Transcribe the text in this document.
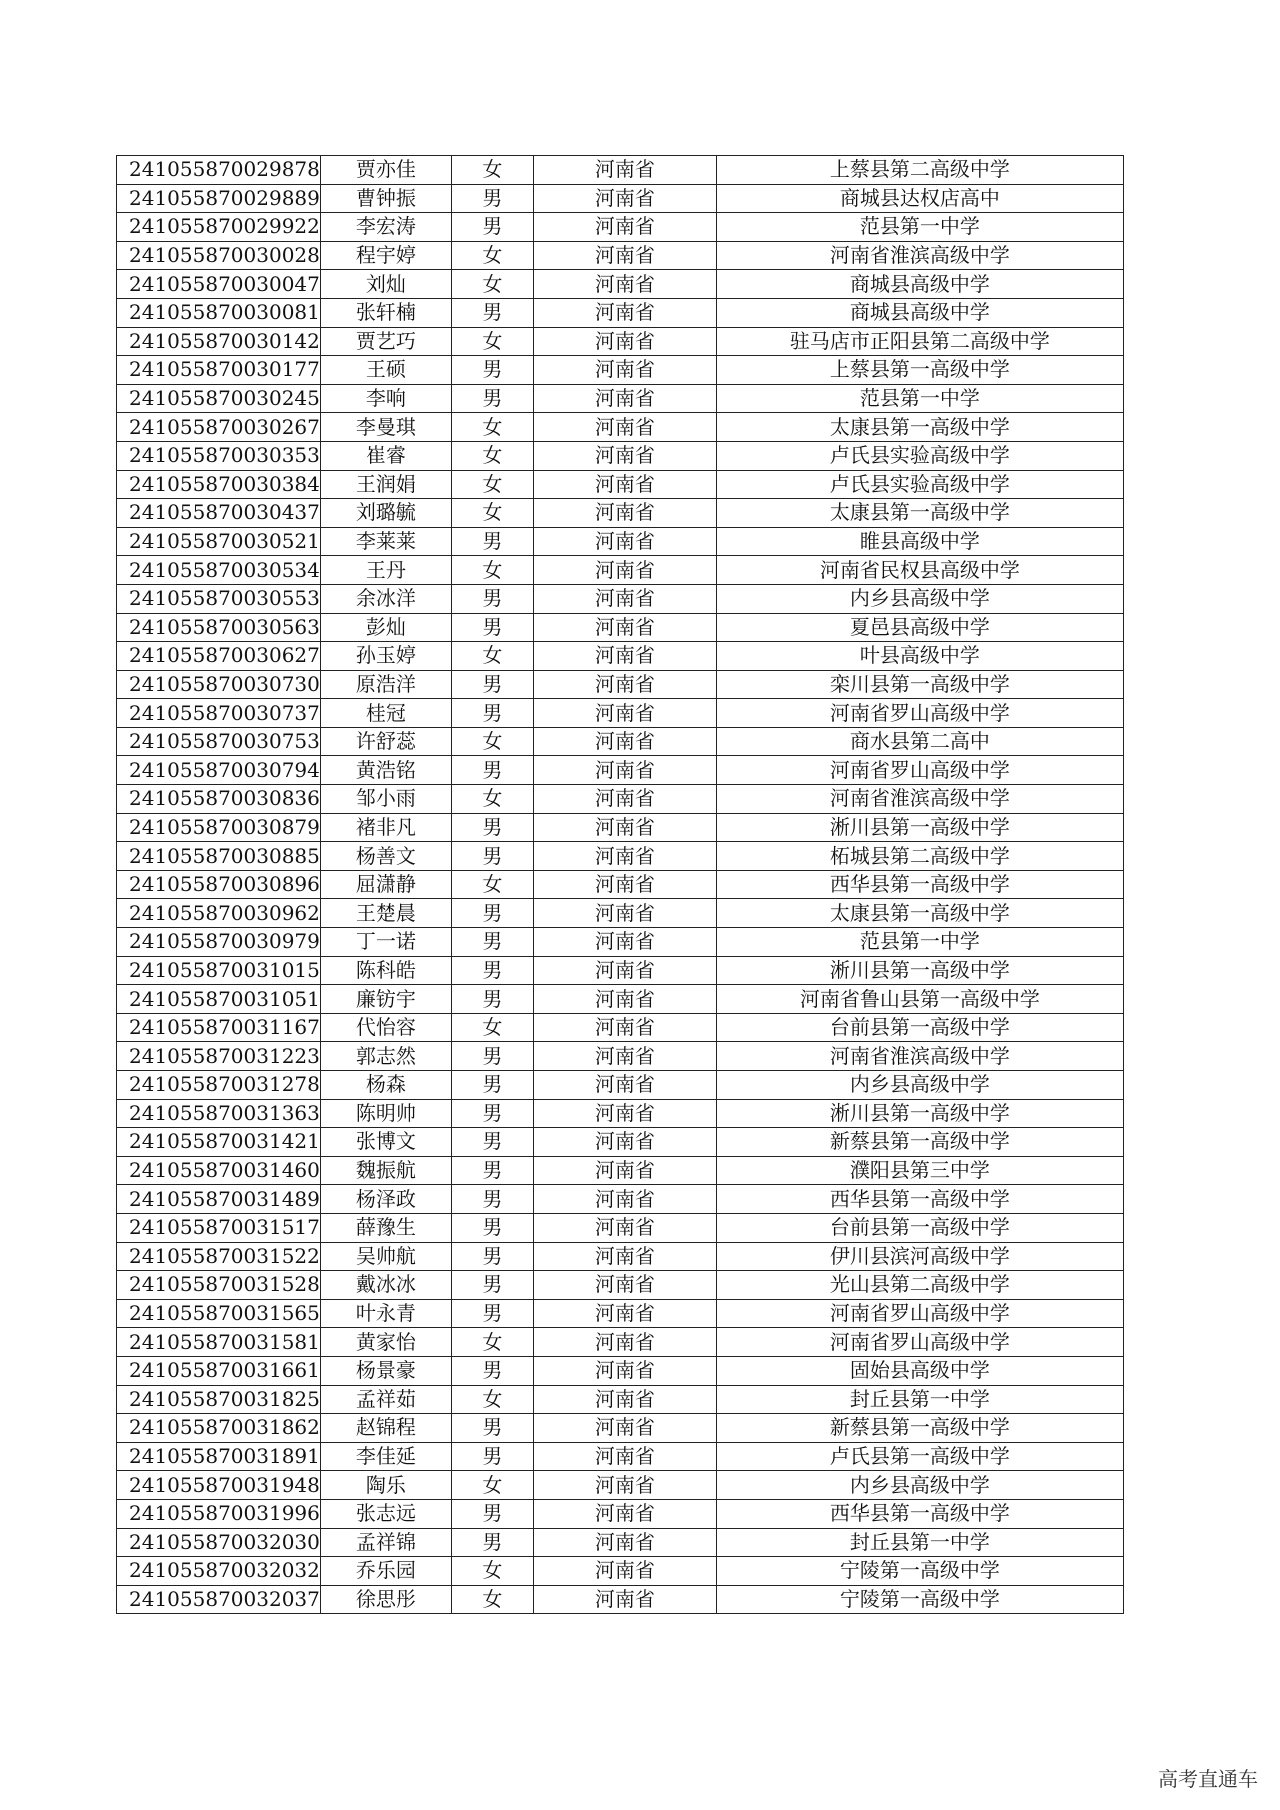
241055870029878	贾亦佳	女	河南省	上蔡县第二高级中学
241055870029889	曹钟振	男	河南省	商城县达权店高中
241055870029922	李宏涛	男	河南省	范县第一中学
241055870030028	程宇婷	女	河南省	河南省淮滨高级中学
241055870030047	刘灿	女	河南省	商城县高级中学
241055870030081	张轩楠	男	河南省	商城县高级中学
241055870030142	贾艺巧	女	河南省	驻马店市正阳县第二高级中学
241055870030177	王硕	男	河南省	上蔡县第一高级中学
241055870030245	李响	男	河南省	范县第一中学
241055870030267	李曼琪	女	河南省	太康县第一高级中学
241055870030353	崔睿	女	河南省	卢氏县实验高级中学
241055870030384	王润娟	女	河南省	卢氏县实验高级中学
241055870030437	刘璐毓	女	河南省	太康县第一高级中学
241055870030521	李莱莱	男	河南省	睢县高级中学
241055870030534	王丹	女	河南省	河南省民权县高级中学
241055870030553	余冰洋	男	河南省	内乡县高级中学
241055870030563	彭灿	男	河南省	夏邑县高级中学
241055870030627	孙玉婷	女	河南省	叶县高级中学
241055870030730	原浩洋	男	河南省	栾川县第一高级中学
241055870030737	桂冠	男	河南省	河南省罗山高级中学
241055870030753	许舒蕊	女	河南省	商水县第二高中
241055870030794	黄浩铭	男	河南省	河南省罗山高级中学
241055870030836	邹小雨	女	河南省	河南省淮滨高级中学
241055870030879	褚非凡	男	河南省	淅川县第一高级中学
241055870030885	杨善文	男	河南省	柘城县第二高级中学
241055870030896	屈潇静	女	河南省	西华县第一高级中学
241055870030962	王楚晨	男	河南省	太康县第一高级中学
241055870030979	丁一诺	男	河南省	范县第一中学
241055870031015	陈科皓	男	河南省	淅川县第一高级中学
241055870031051	廉钫宇	男	河南省	河南省鲁山县第一高级中学
241055870031167	代怡容	女	河南省	台前县第一高级中学
241055870031223	郭志然	男	河南省	河南省淮滨高级中学
241055870031278	杨森	男	河南省	内乡县高级中学
241055870031363	陈明帅	男	河南省	淅川县第一高级中学
241055870031421	张博文	男	河南省	新蔡县第一高级中学
241055870031460	魏振航	男	河南省	濮阳县第三中学
241055870031489	杨泽政	男	河南省	西华县第一高级中学
241055870031517	薛豫生	男	河南省	台前县第一高级中学
241055870031522	吴帅航	男	河南省	伊川县滨河高级中学
241055870031528	戴冰冰	男	河南省	光山县第二高级中学
241055870031565	叶永青	男	河南省	河南省罗山高级中学
241055870031581	黄家怡	女	河南省	河南省罗山高级中学
241055870031661	杨景豪	男	河南省	固始县高级中学
241055870031825	孟祥茹	女	河南省	封丘县第一中学
241055870031862	赵锦程	男	河南省	新蔡县第一高级中学
241055870031891	李佳延	男	河南省	卢氏县第一高级中学
241055870031948	陶乐	女	河南省	内乡县高级中学
241055870031996	张志远	男	河南省	西华县第一高级中学
241055870032030	孟祥锦	男	河南省	封丘县第一中学
241055870032032	乔乐园	女	河南省	宁陵第一高级中学
241055870032037	徐思彤	女	河南省	宁陵第一高级中学
高考直通车
